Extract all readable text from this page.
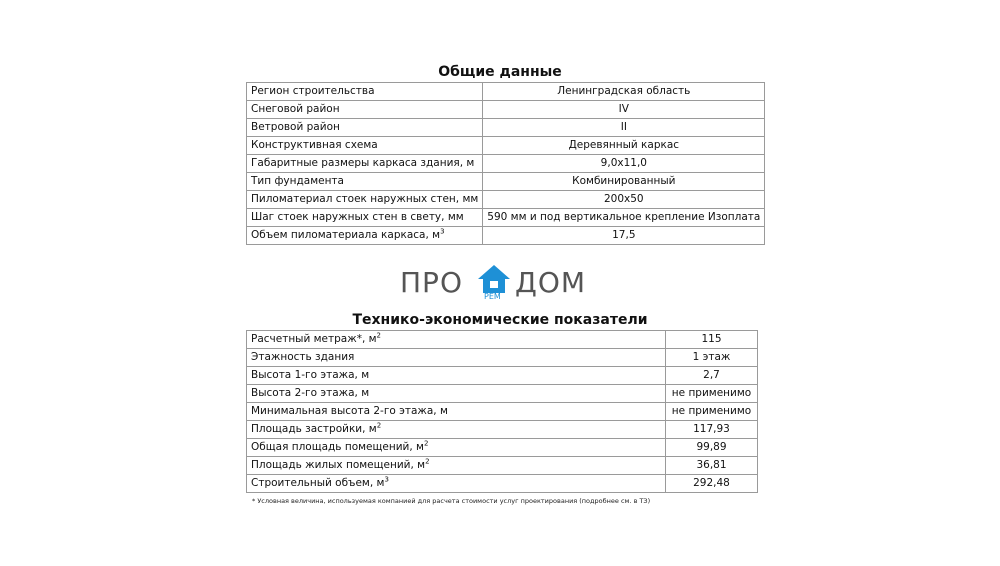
Общие данные
Регион строительства	Ленинградская область
Снеговой район	IV
Ветровой район	II
Конструктивная схема	Деревянный каркас
Габаритные размеры каркаса здания, м	9,0х11,0
Тип фундамента	Комбинированный
Пиломатериал стоек наружных стен, мм	200х50
Шаг стоек наружных стен в свету, мм	590 мм и под вертикальное крепление Изоплата
Объем пиломатериала каркаса, $м^3$	17,5
ПРО	РЕМ ДОМ
Технико-экономические показатели
Расчетный метраж*, $м^2$	115
Этажность здания	1 этаж
Высота 1-го этажа, м	2,7
Высота 2-го этажа, м	не применимо
Минимальная высота 2-го этажа, м	не применимо
Площадь застройки, $м^2$	117,93
Общая площадь помещений, $м^2$	99,89
Площадь жилых помещений, $м^2$	36,81
Строительный объем, $м^3$	292,48
* Условная величина, используемая компанией для расчета стоимости услуг проектирования (подробнее см. в ТЗ)
